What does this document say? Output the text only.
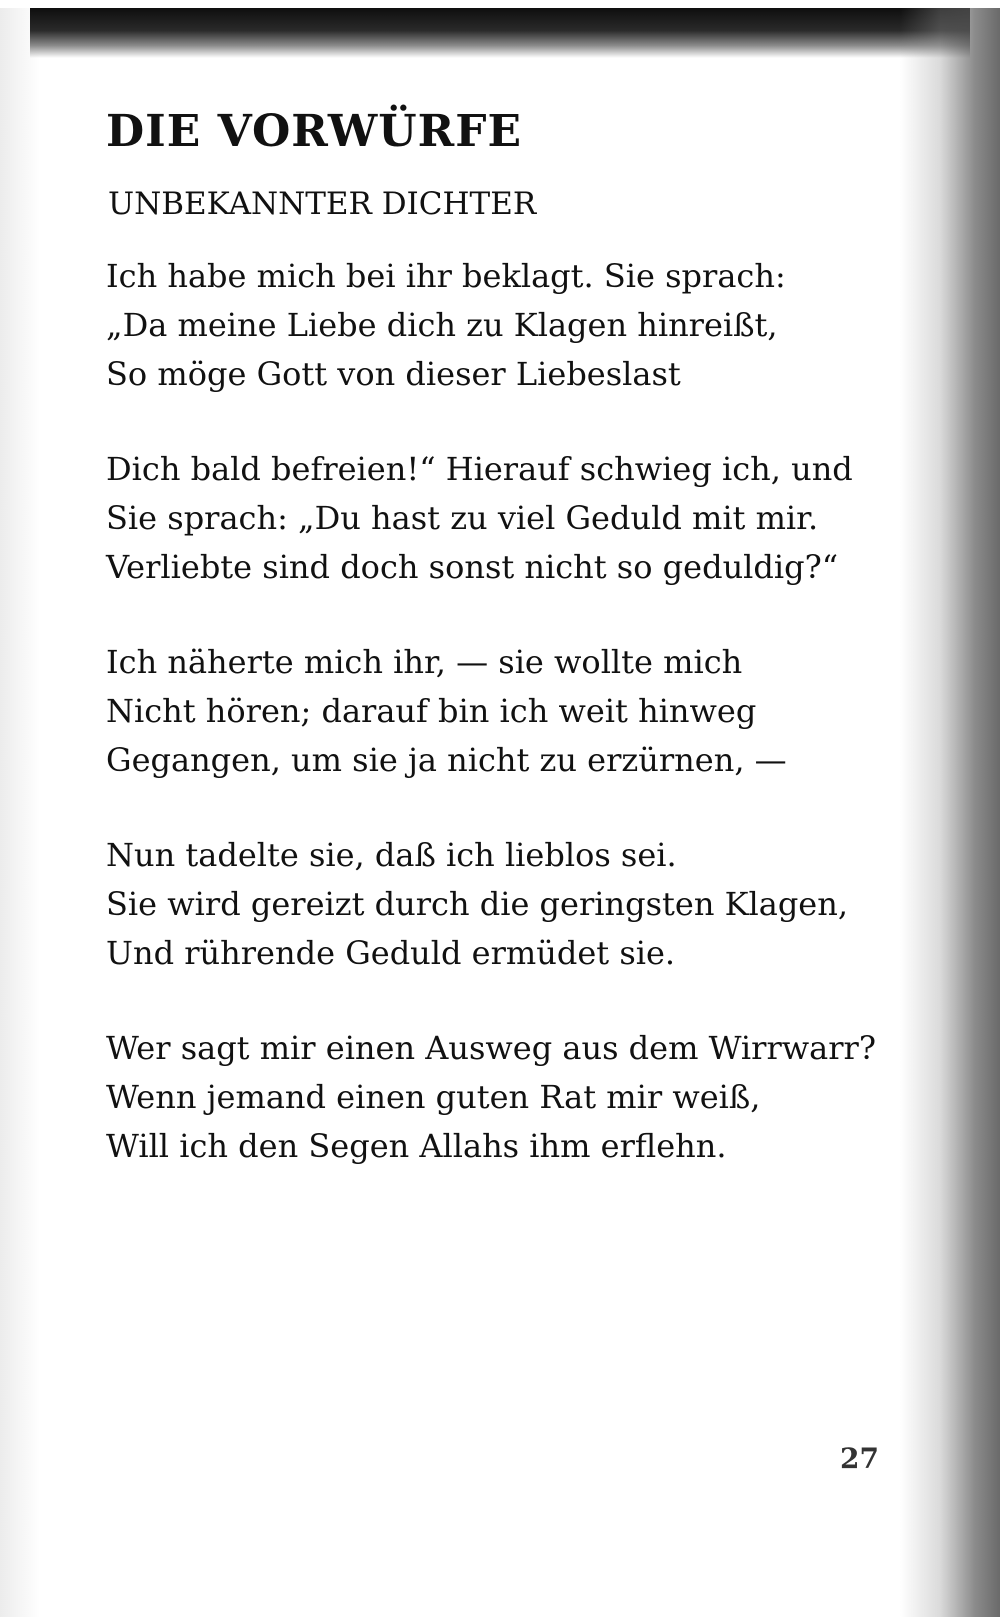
DIE VORWÜRFE
UNBEKANNTER DICHTER

Ich habe mich bei ihr beklagt. Sie sprach:
„Da meine Liebe dich zu Klagen hinreißt,
So möge Gott von dieser Liebeslast

Dich bald befreien!“ Hierauf schwieg ich, und
Sie sprach: „Du hast zu viel Geduld mit mir.
Verliebte sind doch sonst nicht so geduldig?“

Ich näherte mich ihr, — sie wollte mich
Nicht hören; darauf bin ich weit hinweg
Gegangen, um sie ja nicht zu erzürnen, —

Nun tadelte sie, daß ich lieblos sei.
Sie wird gereizt durch die geringsten Klagen,
Und rührende Geduld ermüdet sie.

Wer sagt mir einen Ausweg aus dem Wirrwarr?
Wenn jemand einen guten Rat mir weiß,
Will ich den Segen Allahs ihm erflehn.

27
